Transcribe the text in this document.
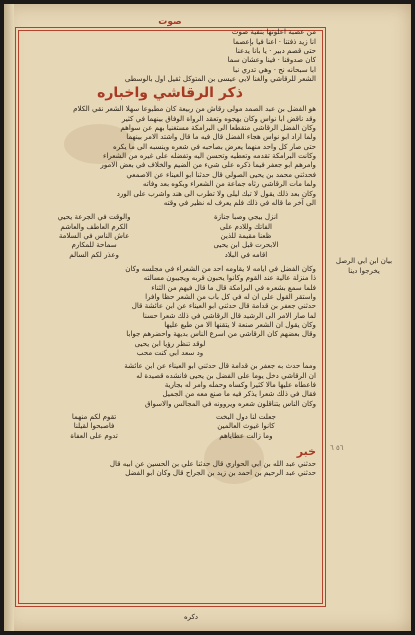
صوت
من عصبة اعلوتها بتقية صوت
انا زيد ذفتنا · اعنا فيا بإعصما
حتى قصم دبير · يا بانا يدعنا
كان صدوفنا · فينا وعشان سما
ابا سبحانه نح · وهي تدري نبا
الشعر للرقاشي والغنا لابي عيسى بن المتوكل ثقيل اول بالوسطى
ذكر الرقاشي واخباره
هو الفضل بن عبد الصمد مولى رقاش من ربيعة كان مطبوعا سهلا الشعر نقي الكلام
وقد ناقض ابا نواس وكان يهجوه وتعقد الرواة الوفاق بينهما في كثير
وكان الفضل الرقاشي منقطعا الى البرامكة مستغنيا بهم عن سواهم
ولما اراد ابو نواس هجاء الفضل قال فيه ما قال واشتد الامر بينهما
حتى صار كل واحد منهما يعرض بصاحبه في شعره وينسبه الى ما يكره
وكانت البرامكة تقدمه وتعطيه وتحسن اليه وتفضله على غيره من الشعراء
وامرهم ابو جعفر فيما ذكره على شيء من الضيم والخلاف في بعض الامور
فحدثني محمد بن يحيى الصولي قال حدثنا ابو العيناء عن الاصمعي
ولما مات الرقاشي رثاه جماعة من الشعراء وبكوه بعد وفاته
وكان بعد ذلك يقول لا تبك ليلى ولا تطرب الى هند واشرب على الورد
الى آخر ما قاله في ذلك فلم يعرف له نظير في وقته
انزل بيجي وصبا جنازة
والوقت في الجرعة يحيي
الفاتك وللادم على
الكرم العاطف والعاشم
ظعنا مقيمة للذين
عاش الناس في السلامة
الابحرت قبل ابن يحيى
سماحة للمكارم
اقامه في البلاد
وعذر لكم السالم
وكان الفضل في ايامه لا يقاومه احد من الشعراء في مجلسه وكان
ذا منزلة عالية عند القوم وكانوا يحبون قربه ويجيبون مسالته
فلما سمع بشعره في البرامكة قال ما قال فيهم من الثناء
واستقر القول على ان له في كل باب من الشعر حظا وافرا
حدثني جعفر بن قدامة قال حدثني ابو العيناء عن ابن عائشة قال
لما صار الامر الى الرشيد قال الرقاشي في ذلك شعرا حسنا
وكان يقول ان الشعر صنعة لا يتقنها الا من طبع عليها
وقال بعضهم كان الرقاشي من اسرع الناس بديهة واحضرهم جوابا
لوقد تنظر رؤيا ابن يحيى
ود سعد ابي كنت محب
ومما حدث به جعفر بن قدامة قال حدثني ابو العيناء عن ابن عائشة
ان الرقاشي دخل يوما على الفضل بن يحيى فانشده قصيدة له
فاعطاه عليها مالا كثيرا وكساه وحمله وامر له بجارية
فقال في ذلك شعرا يذكر فيه ما صنع معه من الجميل
وكان الناس يتناقلون شعره ويروونه في المجالس والاسواق
جعلت لنا دول البخت
تقوم لكم منهما
كانوا غيوث العالمين
فاصبحوا لقيلنا
وما زالت عطاياهم
تدوم على العفاة
خبر
حدثني عبد الله بن ابي الحواري قال حدثنا علي بن الحسين عن ابيه قال
حدثني عبد الرحيم بن احمد بن زيد بن الجراح قال وكان ابو الفضل
بيان ابن ابي الرصل
يخرجوا دينا
٥٦ ٦
دكره
